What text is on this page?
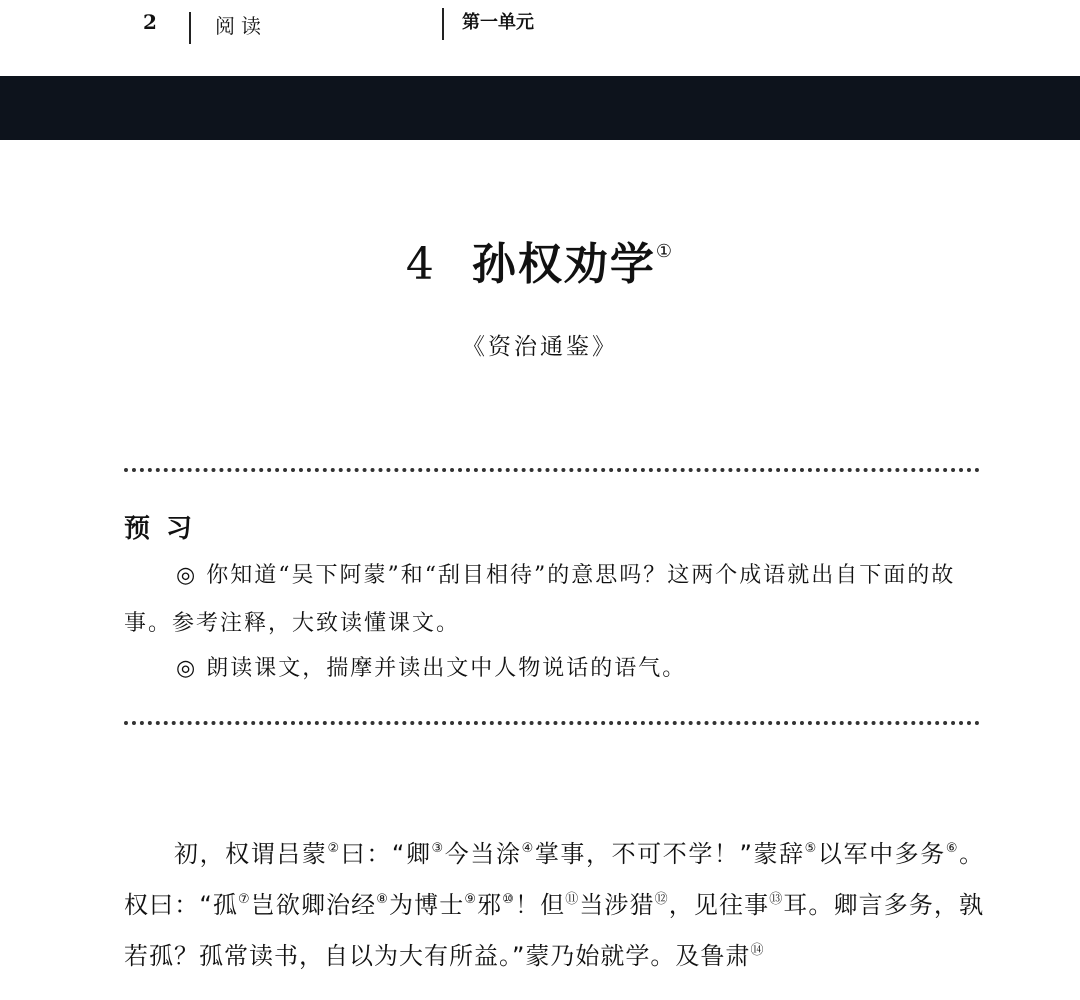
2	阅读	第一单元
4 孙权劝学①
《资治通鉴》
预习
◎ 你知道“吴下阿蒙”和“刮目相待”的意思吗？这两个成语就出自下面的故事。参考注释，大致读懂课文。
◎ 朗读课文，揣摩并读出文中人物说话的语气。
初，权谓吕蒙②曰：“卿③今当涂④掌事，不可不学！”蒙辞⑤以军中多务⑥。权曰：“孤⑦岂欲卿治经⑧为博士⑨邪⑩！但⑪当涉猎⑫，见往事⑬耳。卿言多务，孰若孤？孤常读书，自以为大有所益。”蒙乃始就学。及鲁肃⑭
